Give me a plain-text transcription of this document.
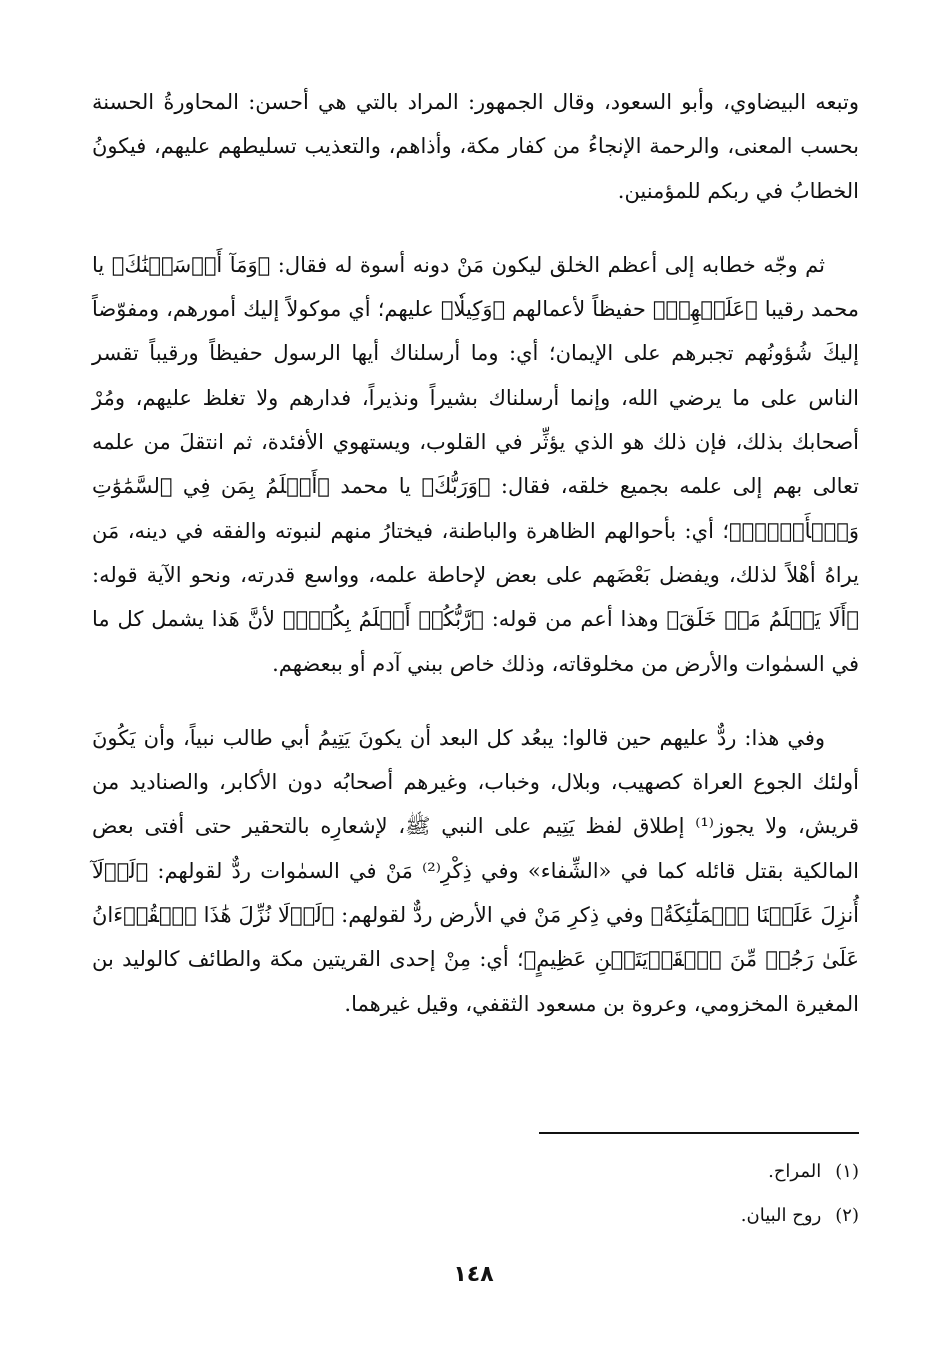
وتبعه البيضاوي، وأبو السعود، وقال الجمهور: المراد بالتي هي أحسن: المحاورةُ الحسنة بحسب المعنى، والرحمة الإنجاءُ من كفار مكة، وأذاهم، والتعذيب تسليطهم عليهم، فيكونُ الخطابُ في ربكم للمؤمنين.

ثم وجّه خطابه إلى أعظم الخلق ليكون مَنْ دونه أسوة له فقال: ﴿وَمَآ أَرۡسَلۡنَٰكَ﴾ يا محمد رقيبا ﴿عَلَيۡهِمۡ﴾ حفيظاً لأعمالهم ﴿وَكِيلٗا﴾ عليهم؛ أي موكولاً إليك أمورهم، ومفوّضاً إليكَ شُؤونُهم تجبرهم على الإيمان؛ أي: وما أرسلناك أيها الرسول حفيظاً ورقيباً تقسر الناس على ما يرضي الله، وإنما أرسلناك بشيراً ونذيراً، فدارهم ولا تغلظ عليهم، ومُرْ أصحابك بذلك، فإن ذلك هو الذي يؤثِّر في القلوب، ويستهوي الأفئدة، ثم انتقلَ من علمه تعالى بهم إلى علمه بجميع خلقه، فقال: ﴿وَرَبُّكَ﴾ يا محمد ﴿أَعۡلَمُ بِمَن فِي ٱلسَّمَٰوَٰتِ وَٱلۡأَرۡضِۗ﴾؛ أي: بأحوالهم الظاهرة والباطنة، فيختارُ منهم لنبوته والفقه في دينه، مَن يراهُ أهْلاً لذلك، ويفضل بَعْضَهم على بعض لإحاطة علمه، وواسع قدرته، ونحو الآية قوله: ﴿أَلَا يَعۡلَمُ مَنۡ خَلَقَ﴾ وهذا أعم من قوله: ﴿رَّبُّكُمۡ أَعۡلَمُ بِكُمۡۖ﴾ لأنَّ هَذا يشمل كل ما في السمٰوات والأرض من مخلوقاته، وذلك خاص ببني آدم أو ببعضهم.

وفي هذا: ردٌّ عليهم حين قالوا: يبعُد كل البعد أن يكونَ يَتِيمُ أبي طالب نبياً، وأن يَكُونَ أولئك الجوع العراة كصهيب، وبلال، وخباب، وغيرهم أصحابُه دون الأكابر، والصناديد من قريش، ولا يجوز⁽¹⁾ إطلاق لفظ يَتِيم على النبي ﷺ، لإشعارِه بالتحقير حتى أفتى بعض المالكية بقتل قائله كما في «الشِّفاء» وفي ذِكْرِ⁽²⁾ مَنْ في السمٰوات ردٌّ لقولهم: ﴿لَوۡلَآ أُنزِلَ عَلَيۡنَا ٱلۡمَلَٰٓئِكَةُ﴾ وفي ذِكرِ مَنْ في الأرض ردٌّ لقولهم: ﴿لَوۡلَا نُزِّلَ هَٰذَا ٱلۡقُرۡءَانُ عَلَىٰ رَجُلٖ مِّنَ ٱلۡقَرۡيَتَيۡنِ عَظِيمٍ﴾؛ أي: مِنْ إحدى القريتين مكة والطائف كالوليد بن المغيرة المخزومي، وعروة بن مسعود الثقفي، وقيل غيرهما.

(١)المراح.
(٢)روح البيان.
١٤٨
